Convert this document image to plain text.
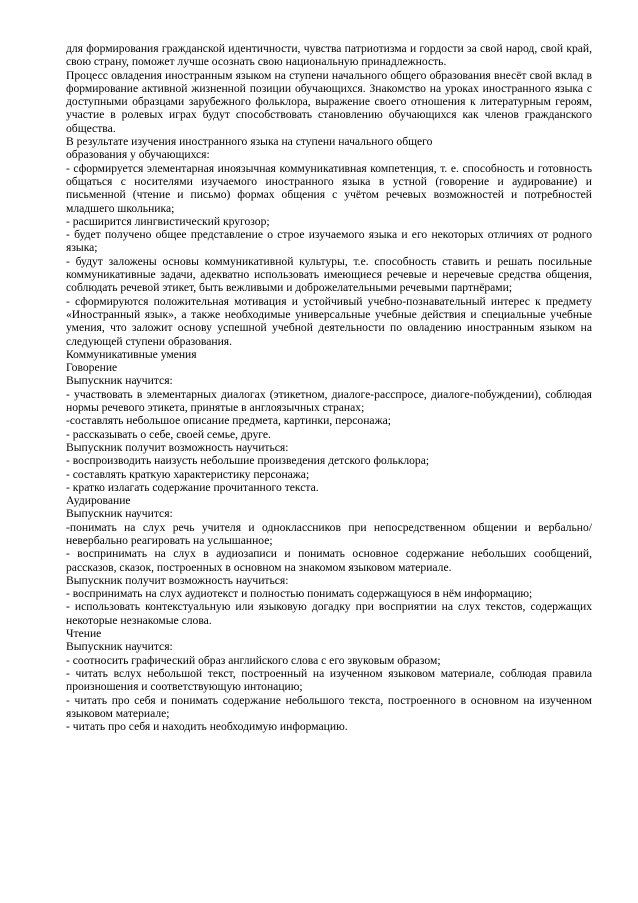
для формирования гражданской идентичности, чувства патриотизма и гордости за свой народ, свой край, свою страну, поможет лучше осознать свою национальную принадлежность.

Процесс овладения иностранным языком на ступени начального общего образования внесёт свой вклад в формирование активной жизненной позиции обучающихся. Знакомство на уроках иностранного языка с доступными образцами зарубежного фольклора, выражение своего отношения к литературным героям, участие в ролевых играх будут способствовать становлению обучающихся как членов гражданского общества.

В результате изучения иностранного языка на ступени начального общего

образования у обучающихся:

- сформируется элементарная иноязычная коммуникативная компетенция, т. е. способность и готовность общаться с носителями изучаемого иностранного языка в устной (говорение и аудирование) и письменной (чтение и письмо) формах общения с учётом речевых возможностей и потребностей младшего школьника;

- расширится лингвистический кругозор;

- будет получено общее представление о строе изучаемого языка и его некоторых отличиях от родного языка;

- будут заложены основы коммуникативной культуры, т.е. способность ставить и решать посильные коммуникативные задачи, адекватно использовать имеющиеся речевые и неречевые средства общения, соблюдать речевой этикет, быть вежливыми и доброжелательными речевыми партнёрами;

- сформируются положительная мотивация и устойчивый учебно-познавательный интерес к предмету «Иностранный язык», а также необходимые универсальные учебные действия и специальные учебные умения, что заложит основу успешной учебной деятельности по овладению иностранным языком на следующей ступени образования.

Коммуникативные умения

Говорение

Выпускник научится:

- участвовать в элементарных диалогах (этикетном, диалоге-расспросе, диалоге-побуждении), соблюдая нормы речевого этикета, принятые в англоязычных странах;

-составлять небольшое описание предмета, картинки, персонажа;

- рассказывать о себе, своей семье, друге.

Выпускник получит возможность научиться:

- воспроизводить наизусть небольшие произведения детского фольклора;

- составлять краткую характеристику персонажа;

- кратко излагать содержание прочитанного текста.

Аудирование

Выпускник научится:

-понимать на слух речь учителя и одноклассников при непосредственном общении и вербально/невербально реагировать на услышанное;

- воспринимать на слух в аудиозаписи и понимать основное содержание небольших сообщений, рассказов, сказок, построенных в основном на знакомом языковом материале.

Выпускник получит возможность научиться:

- воспринимать на слух аудиотекст и полностью понимать содержащуюся в нём информацию;

- использовать контекстуальную или языковую догадку при восприятии на слух текстов, содержащих некоторые незнакомые слова.

Чтение

Выпускник научится:

- соотносить графический образ английского слова с его звуковым образом;

- читать вслух небольшой текст, построенный на изученном языковом материале, соблюдая правила произношения и соответствующую интонацию;

- читать про себя и понимать содержание небольшого текста, построенного в основном на изученном языковом материале;

- читать про себя и находить необходимую информацию.
